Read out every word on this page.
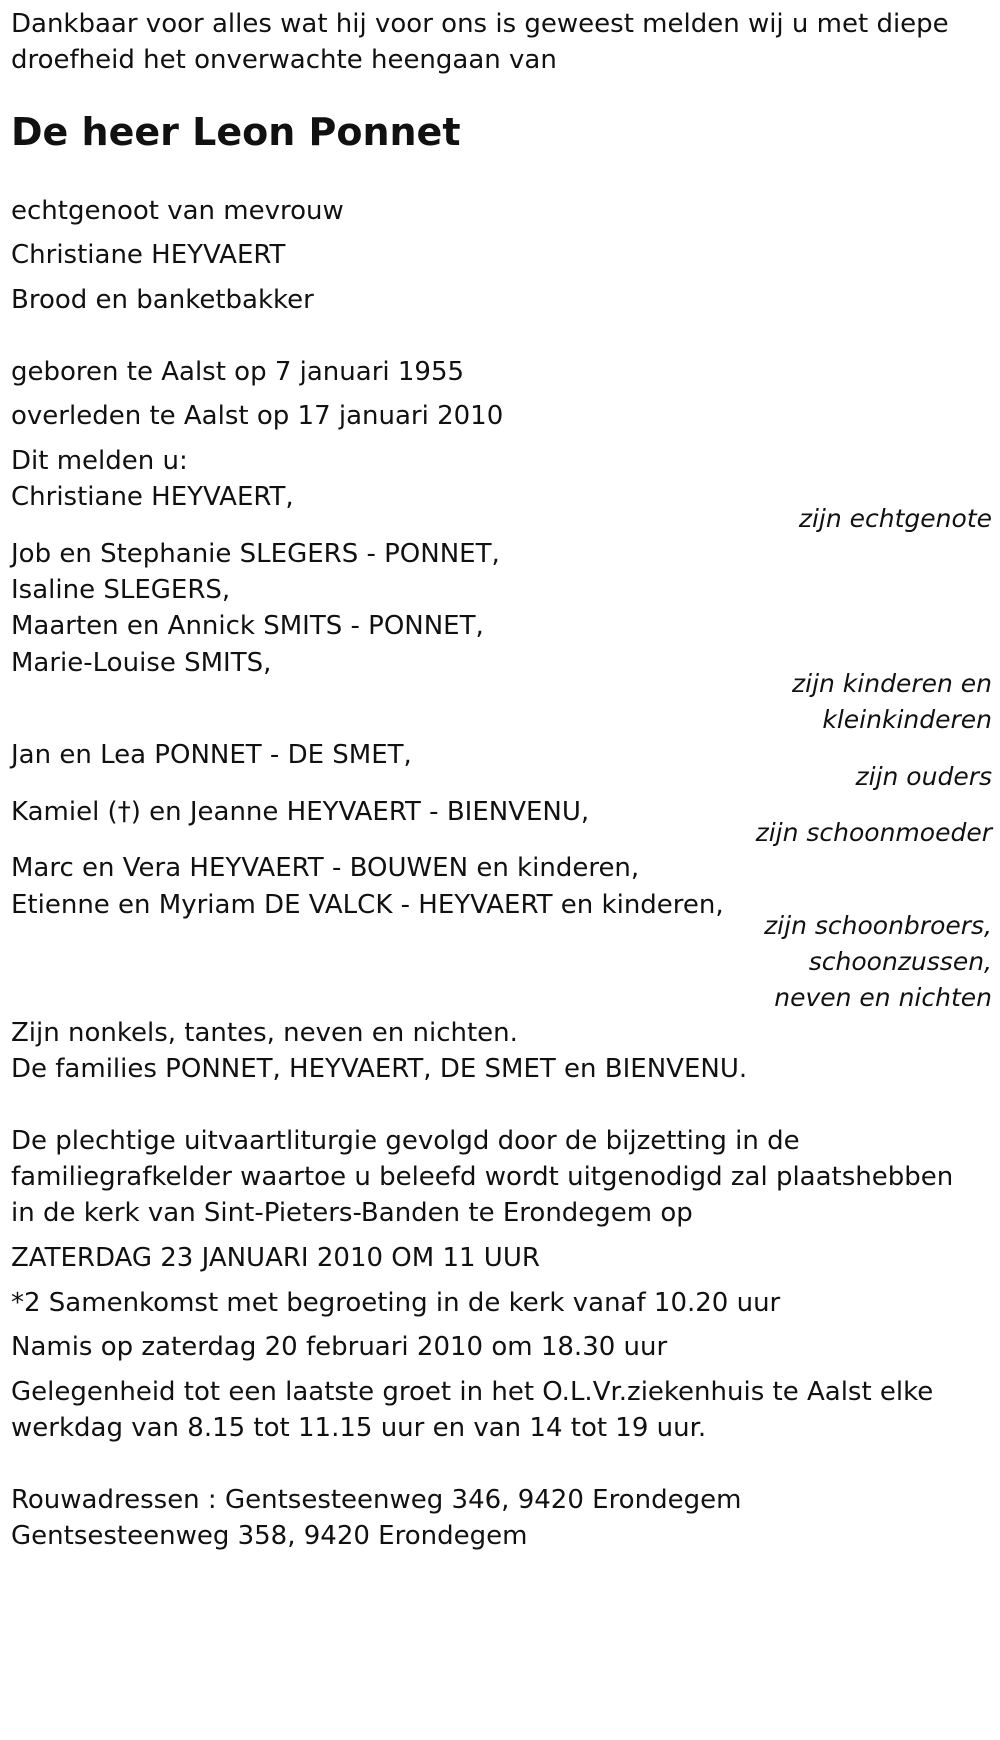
Dankbaar voor alles wat hij voor ons is geweest melden wij u met diepe

droefheid het onverwachte heengaan van

De heer Leon Ponnet

echtgenoot van mevrouw

Christiane HEYVAERT

Brood en banketbakker

geboren te Aalst op 7 januari 1955

overleden te Aalst op 17 januari 2010

Dit melden u:

Christiane HEYVAERT,

zijn echtgenote

Job en Stephanie SLEGERS - PONNET,

Isaline SLEGERS,

Maarten en Annick SMITS - PONNET,

Marie-Louise SMITS,

zijn kinderen en

kleinkinderen

Jan en Lea PONNET - DE SMET,

zijn ouders

Kamiel (†) en Jeanne HEYVAERT - BIENVENU,

zijn schoonmoeder

Marc en Vera HEYVAERT - BOUWEN en kinderen,

Etienne en Myriam DE VALCK - HEYVAERT en kinderen,

zijn schoonbroers,

schoonzussen,

neven en nichten

Zijn nonkels, tantes, neven en nichten.

De families PONNET, HEYVAERT, DE SMET en BIENVENU.

De plechtige uitvaartliturgie gevolgd door de bijzetting in de

familiegrafkelder waartoe u beleefd wordt uitgenodigd zal plaatshebben

in de kerk van Sint-Pieters-Banden te Erondegem op

ZATERDAG 23 JANUARI 2010 OM 11 UUR

*2 Samenkomst met begroeting in de kerk vanaf 10.20 uur

Namis op zaterdag 20 februari 2010 om 18.30 uur

Gelegenheid tot een laatste groet in het O.L.Vr.ziekenhuis te Aalst elke

werkdag van 8.15 tot 11.15 uur en van 14 tot 19 uur.

Rouwadressen : Gentsesteenweg 346, 9420 Erondegem

Gentsesteenweg 358, 9420 Erondegem
